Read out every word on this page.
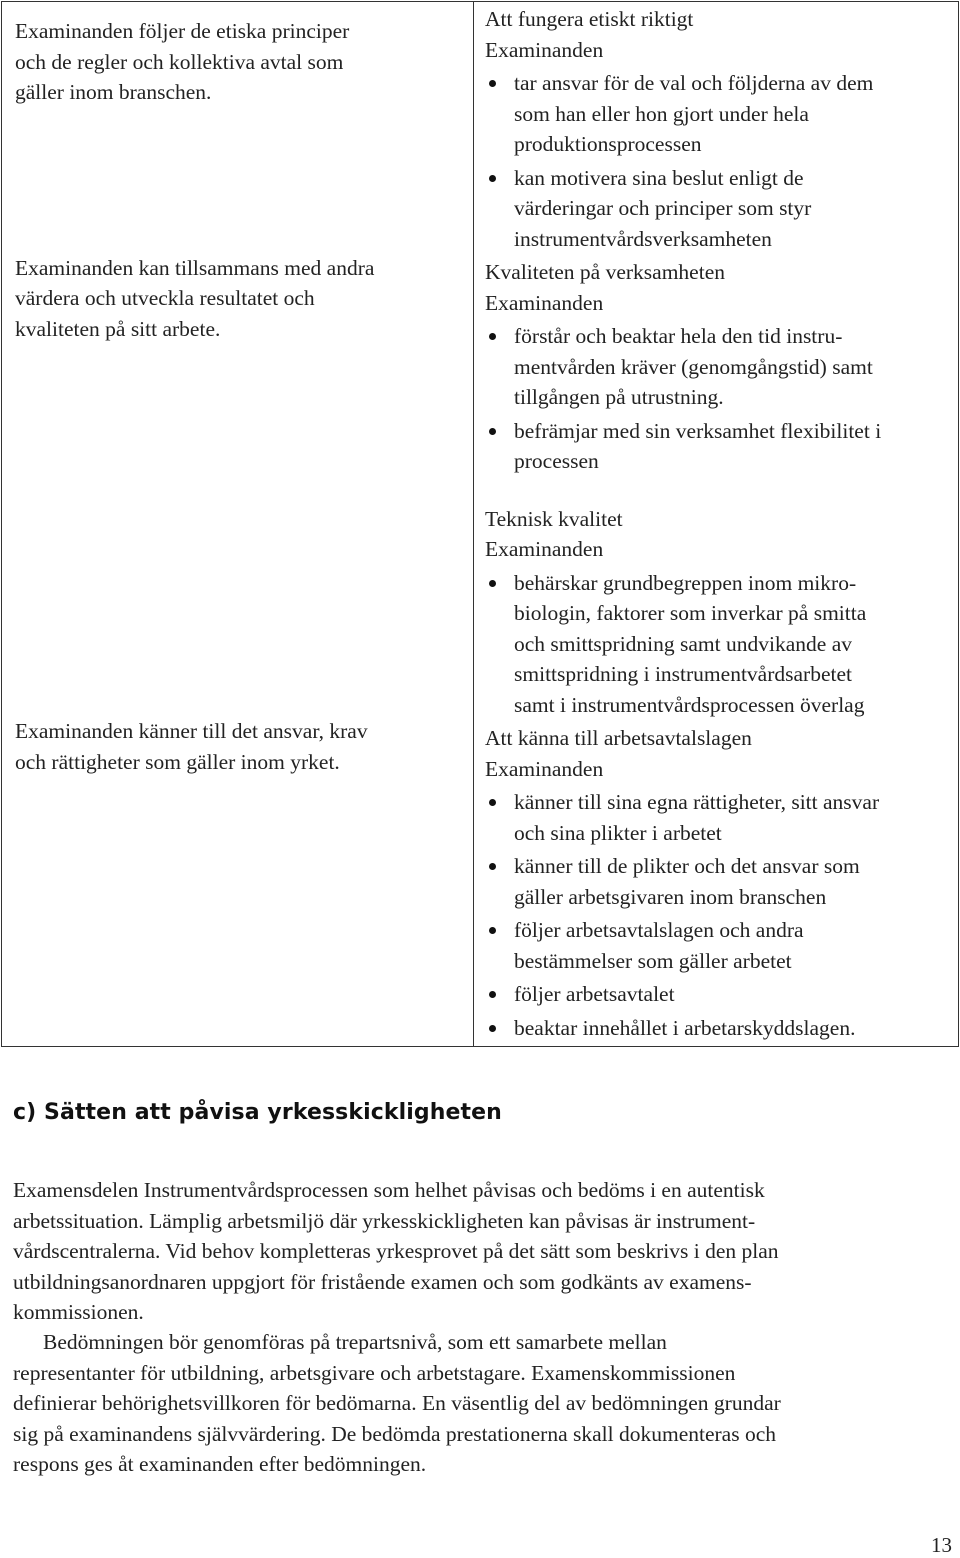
Examinanden följer de etiska principer
och de regler och kollektiva avtal som
gäller inom branschen.
Examinanden kan tillsammans med andra
värdera och utveckla resultatet och
kvaliteten på sitt arbete.
Examinanden känner till det ansvar, krav
och rättigheter som gäller inom yrket.

Att fungera etiskt riktigt
Examinanden
tar ansvar för de val och följderna av dem
som han eller hon gjort under hela
produktionsprocessen
kan motivera sina beslut enligt de
värderingar och principer som styr
instrumentvårdsverksamheten
Kvaliteten på verksamheten
Examinanden
förstår och beaktar hela den tid instru-
mentvården kräver (genomgångstid) samt
tillgången på utrustning.
befrämjar med sin verksamhet flexibilitet i
processen
Teknisk kvalitet
Examinanden
behärskar grundbegreppen inom mikro-
biologin, faktorer som inverkar på smitta
och smittspridning samt undvikande av
smittspridning i instrumentvårdsarbetet
samt i instrumentvårdsprocessen överlag
Att känna till arbetsavtalslagen
Examinanden
känner till sina egna rättigheter, sitt ansvar
och sina plikter i arbetet
känner till de plikter och det ansvar som
gäller arbetsgivaren inom branschen
följer arbetsavtalslagen och andra
bestämmelser som gäller arbetet
följer arbetsavtalet
beaktar innehållet i arbetarskyddslagen.
c) Sätten att påvisa yrkesskickligheten
Examensdelen Instrumentvårdsprocessen som helhet påvisas och bedöms i en autentisk
arbetssituation. Lämplig arbetsmiljö där yrkesskickligheten kan påvisas är instrument-
vårdscentralerna. Vid behov kompletteras yrkesprovet på det sätt som beskrivs i den plan
utbildningsanordnaren uppgjort för fristående examen och som godkänts av examens-
kommissionen.
Bedömningen bör genomföras på trepartsnivå, som ett samarbete mellan
representanter för utbildning, arbetsgivare och arbetstagare. Examenskommissionen
definierar behörighetsvillkoren för bedömarna. En väsentlig del av bedömningen grundar
sig på examinandens självvärdering. De bedömda prestationerna skall dokumenteras och
respons ges åt examinanden efter bedömningen.
13
